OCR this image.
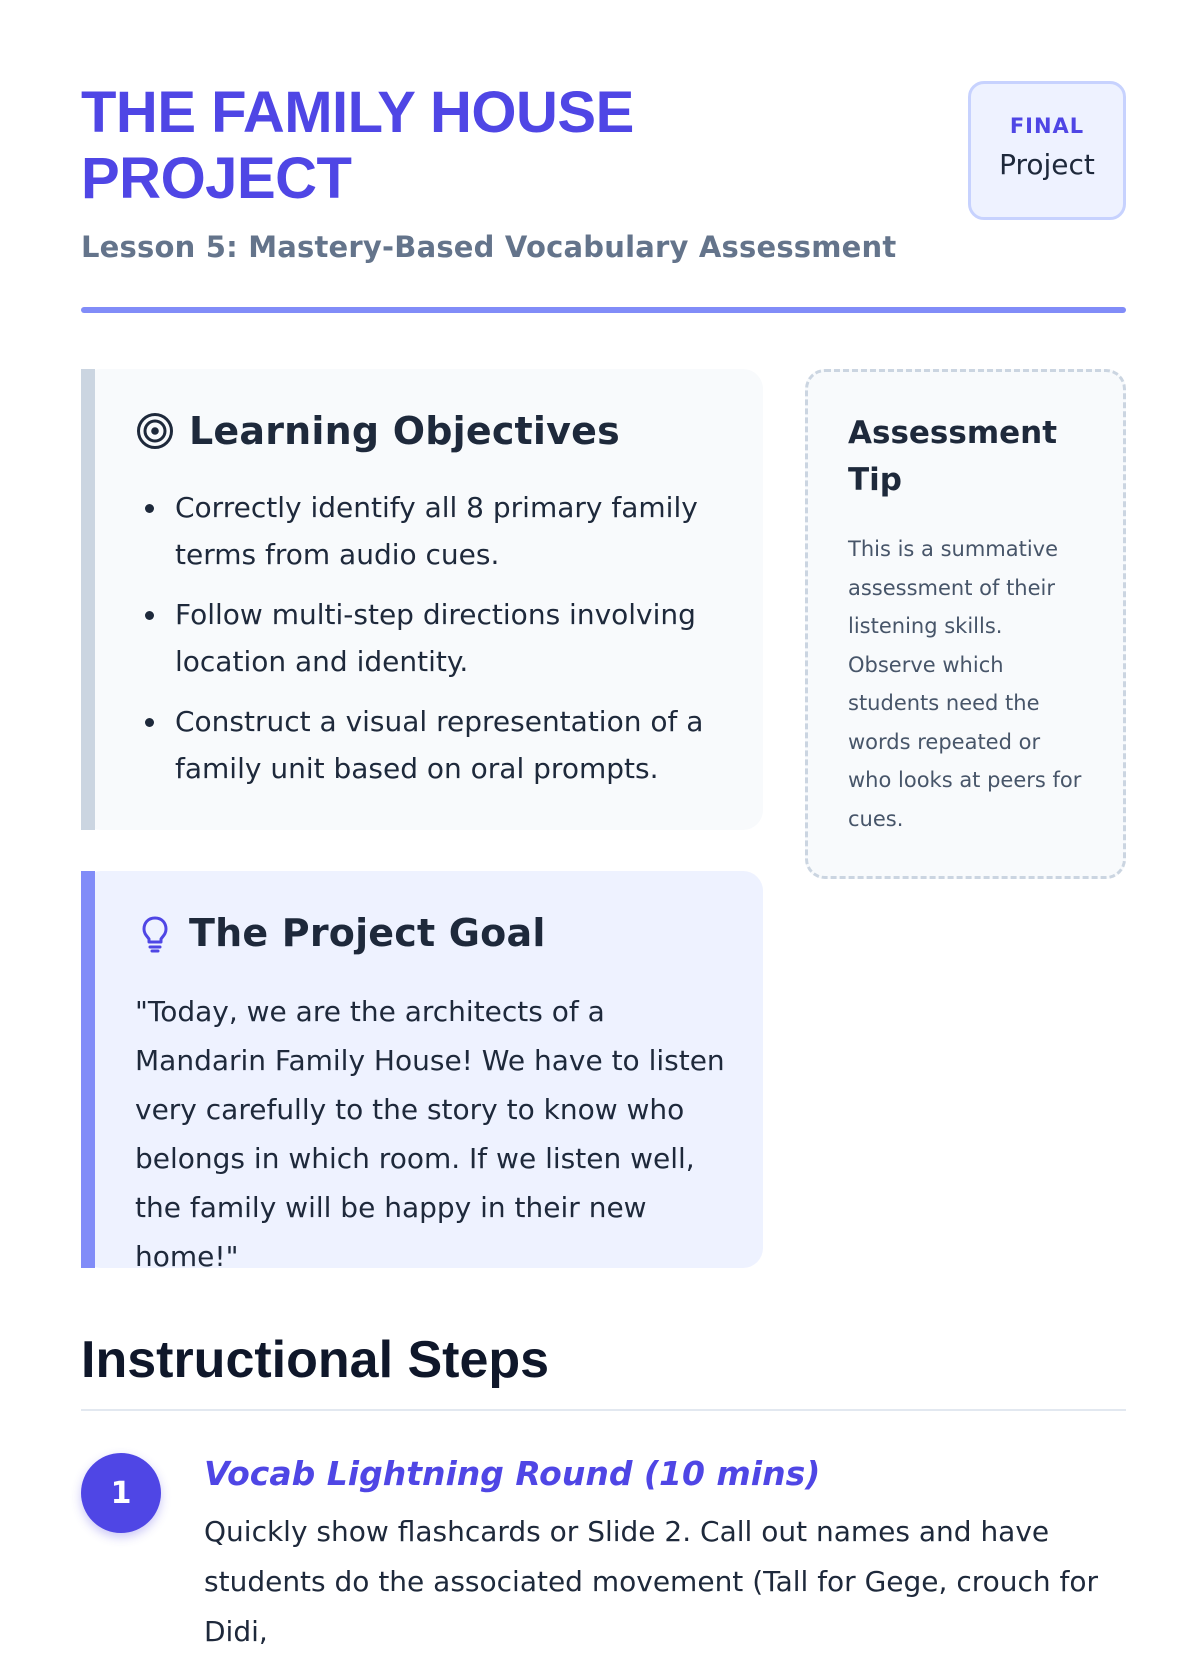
THE FAMILY HOUSE PROJECT
Lesson 5: Mastery-Based Vocabulary Assessment
FINAL
Project
Learning Objectives
Correctly identify all 8 primary family terms from audio cues.
Follow multi-step directions involving location and identity.
Construct a visual representation of a family unit based on oral prompts.
Assessment Tip

This is a summative assessment of their listening skills. Observe which students need the words repeated or who looks at peers for cues.

The Project Goal

"Today, we are the architects of a Mandarin Family House! We have to listen very carefully to the story to know who belongs in which room. If we listen well, the family will be happy in their new home!"

Instructional Steps
1	Vocab Lightning Round (10 mins)

Quickly show flashcards or Slide 2. Call out names and have students do the associated movement (Tall for Gege, crouch for Didi,
